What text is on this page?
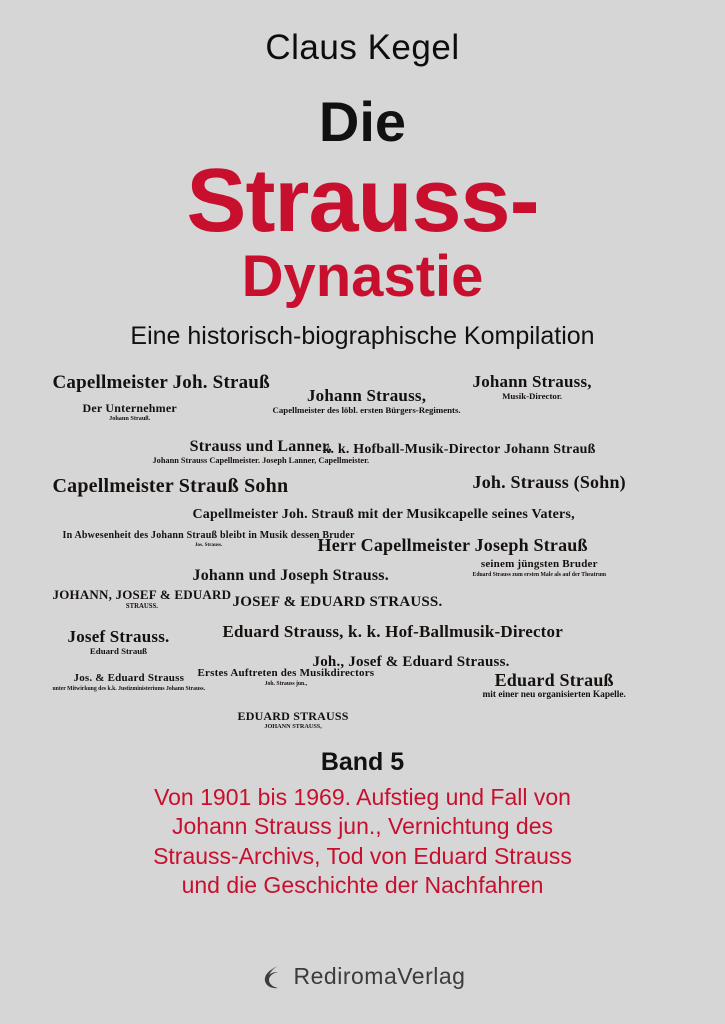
Claus Kegel
Die
Strauss-
Dynastie
Eine historisch-biographische Kompilation
Capellmeister Joh. Strauß
Der Unternehmer
Johann Strauß.
Johann Strauss,
Capellmeister des löbl. ersten Bürgers-Regiments.
Johann Strauss,
Musik-Director.
Strauss und Lanner,
Johann Strauss Capellmeister. Joseph Lanner, Capellmeister.
k. k. Hofball-Musik-Director Johann Strauß
Capellmeister Strauß Sohn	Joh. Strauss (Sohn)
Capellmeister Joh. Strauß mit der Musikcapelle seines Vaters,
In Abwesenheit des Johann Strauß bleibt in Musik dessen Bruder
Jos. Strauss.	Herr Capellmeister Joseph Strauß
Johann und Joseph Strauss.
seinem jüngsten Bruder
Eduard Strauss zum ersten Male als auf der Theatrum
JOHANN, JOSEF & EDUARD
STRAUSS.	JOSEF & EDUARD STRAUSS.
Josef Strauss.
Eduard Strauß
Eduard Strauss, k. k. Hof-Ballmusik-Director
Joh., Josef & Eduard Strauss.
Jos. & Eduard Strauss
unter Mitwirkung des k.k. Justizministeriums Johann Strauss.
Erstes Auftreten des Musikdirectors
Joh. Strauss jun.,	Eduard Strauß
mit einer neu organisierten Kapelle.
EDUARD STRAUSS
JOHANN STRAUSS,
Band 5
Von 1901 bis 1969. Aufstieg und Fall von
Johann Strauss jun., Vernichtung des
Strauss-Archivs, Tod von Eduard Strauss
und die Geschichte der Nachfahren
RediromaVerlag
